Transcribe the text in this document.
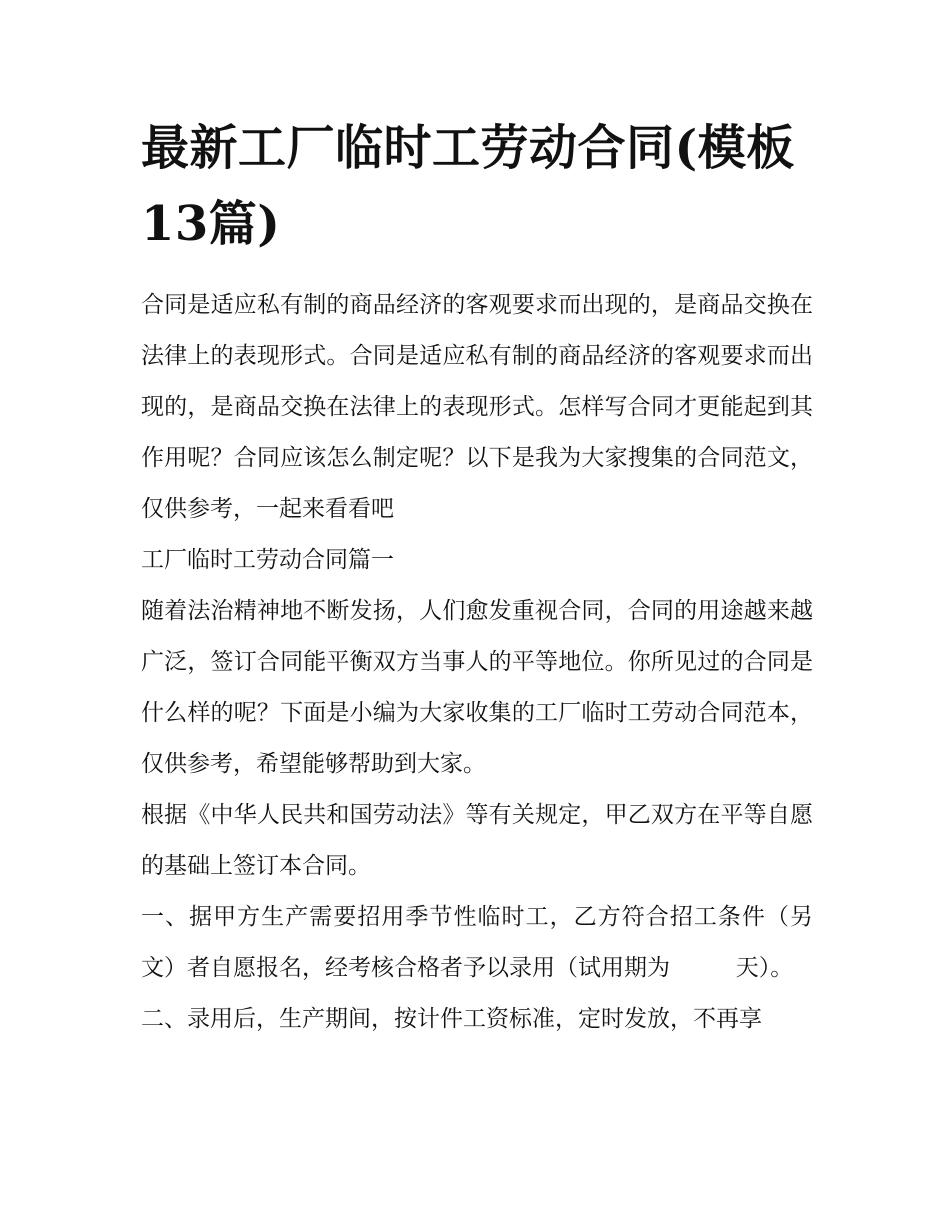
最新工厂临时工劳动合同(模板13篇)

合同是适应私有制的商品经济的客观要求而出现的，是商品交换在法律上的表现形式。合同是适应私有制的商品经济的客观要求而出现的，是商品交换在法律上的表现形式。怎样写合同才更能起到其作用呢？合同应该怎么制定呢？以下是我为大家搜集的合同范文，仅供参考，一起来看看吧

工厂临时工劳动合同篇一

随着法治精神地不断发扬，人们愈发重视合同，合同的用途越来越广泛，签订合同能平衡双方当事人的平等地位。你所见过的合同是什么样的呢？下面是小编为大家收集的工厂临时工劳动合同范本，仅供参考，希望能够帮助到大家。

根据《中华人民共和国劳动法》等有关规定，甲乙双方在平等自愿的基础上签订本合同。

一、据甲方生产需要招用季节性临时工，乙方符合招工条件（另文）者自愿报名，经考核合格者予以录用（试用期为         天）。

二、录用后，生产期间，按计件工资标准，定时发放，不再享
